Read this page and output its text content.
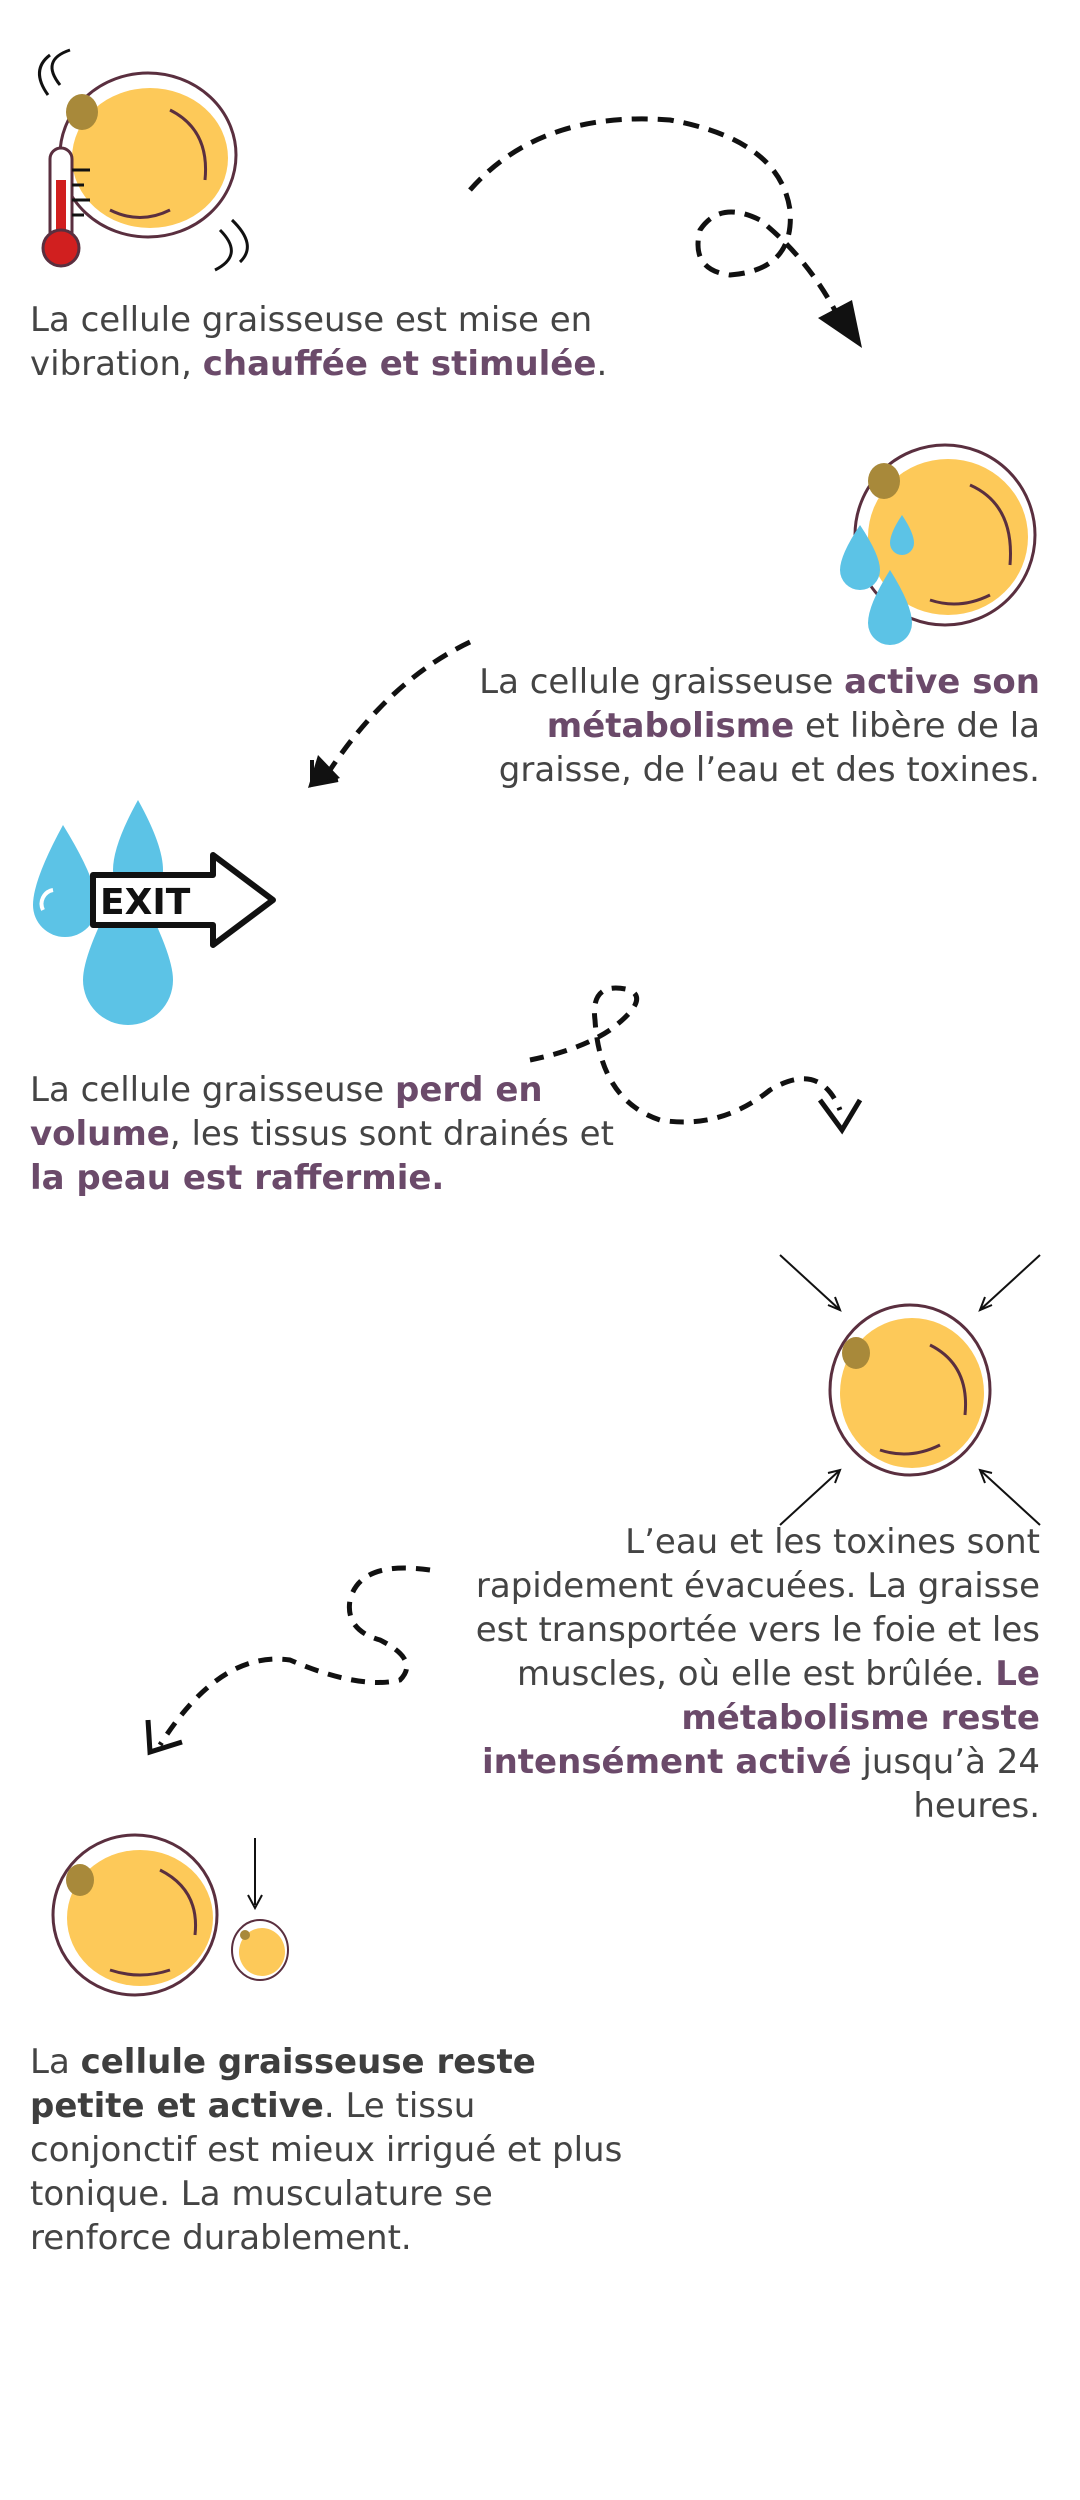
La cellule graisseuse est mise en vibration, chauffée et stimulée.

La cellule graisseuse active son métabolisme et libère de la graisse, de l’eau et des toxines.

EXIT

La cellule graisseuse perd en volume, les tissus sont drainés et la peau est raffermie.

L’eau et les toxines sont rapidement évacuées. La graisse est transportée vers le foie et les muscles, où elle est brûlée. Le métabolisme reste intensément activé jusqu’à 24 heures.

La cellule graisseuse reste petite et active. Le tissu conjonctif est mieux irrigué et plus tonique. La musculature se renforce durablement.
